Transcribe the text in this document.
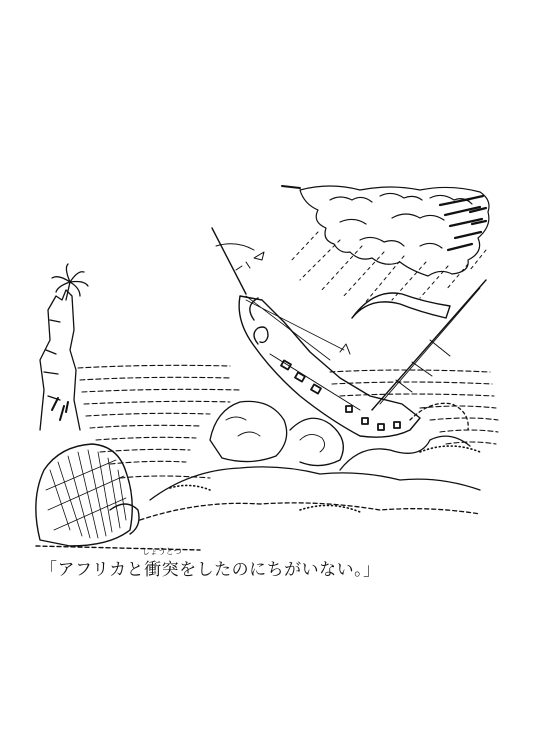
「アフリカと
しょうとつ
衝突をしたのにちがいない。」
